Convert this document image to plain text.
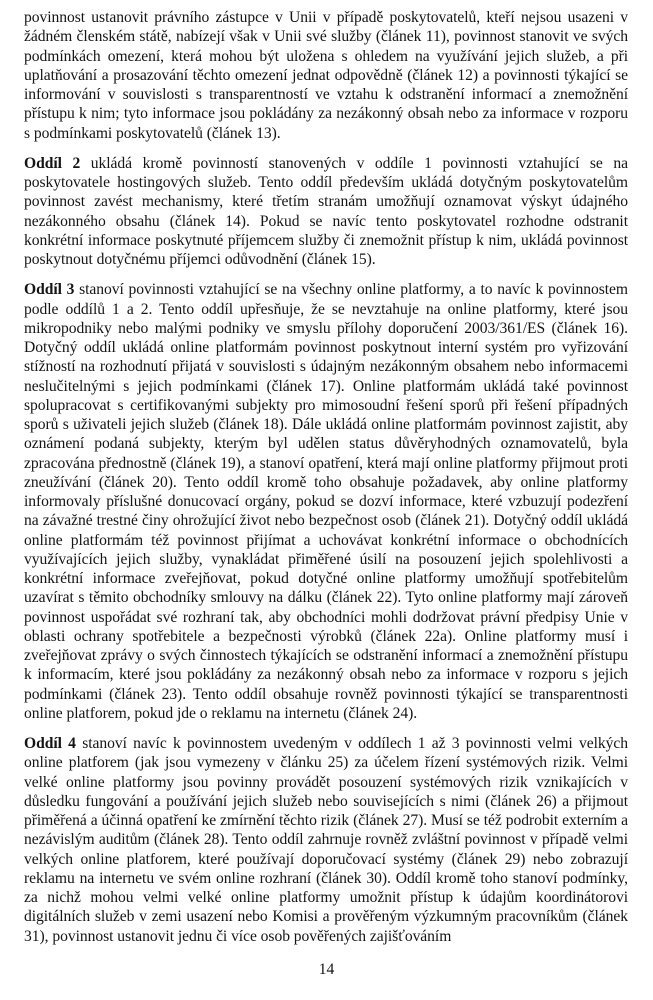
povinnost ustanovit právního zástupce v Unii v případě poskytovatelů, kteří nejsou usazeni v žádném členském státě, nabízejí však v Unii své služby (článek 11), povinnost stanovit ve svých podmínkách omezení, která mohou být uložena s ohledem na využívání jejich služeb, a při uplatňování a prosazování těchto omezení jednat odpovědně (článek 12) a povinnosti týkající se informování v souvislosti s transparentností ve vztahu k odstranění informací a znemožnění přístupu k nim; tyto informace jsou pokládány za nezákonný obsah nebo za informace v rozporu s podmínkami poskytovatelů (článek 13).

Oddíl 2 ukládá kromě povinností stanovených v oddíle 1 povinnosti vztahující se na poskytovatele hostingových služeb. Tento oddíl především ukládá dotyčným poskytovatelům povinnost zavést mechanismy, které třetím stranám umožňují oznamovat výskyt údajného nezákonného obsahu (článek 14). Pokud se navíc tento poskytovatel rozhodne odstranit konkrétní informace poskytnuté příjemcem služby či znemožnit přístup k nim, ukládá povinnost poskytnout dotyčnému příjemci odůvodnění (článek 15).

Oddíl 3 stanoví povinnosti vztahující se na všechny online platformy, a to navíc k povinnostem podle oddílů 1 a 2. Tento oddíl upřesňuje, že se nevztahuje na online platformy, které jsou mikropodniky nebo malými podniky ve smyslu přílohy doporučení 2003/361/ES (článek 16). Dotyčný oddíl ukládá online platformám povinnost poskytnout interní systém pro vyřizování stížností na rozhodnutí přijatá v souvislosti s údajným nezákonným obsahem nebo informacemi neslučitelnými s jejich podmínkami (článek 17). Online platformám ukládá také povinnost spolupracovat s certifikovanými subjekty pro mimosoudní řešení sporů při řešení případných sporů s uživateli jejich služeb (článek 18). Dále ukládá online platformám povinnost zajistit, aby oznámení podaná subjekty, kterým byl udělen status důvěryhodných oznamovatelů, byla zpracována přednostně (článek 19), a stanoví opatření, která mají online platformy přijmout proti zneužívání (článek 20). Tento oddíl kromě toho obsahuje požadavek, aby online platformy informovaly příslušné donucovací orgány, pokud se dozví informace, které vzbuzují podezření na závažné trestné činy ohrožující život nebo bezpečnost osob (článek 21). Dotyčný oddíl ukládá online platformám též povinnost přijímat a uchovávat konkrétní informace o obchodnících využívajících jejich služby, vynakládat přiměřené úsilí na posouzení jejich spolehlivosti a konkrétní informace zveřejňovat, pokud dotyčné online platformy umožňují spotřebitelům uzavírat s těmito obchodníky smlouvy na dálku (článek 22). Tyto online platformy mají zároveň povinnost uspořádat své rozhraní tak, aby obchodníci mohli dodržovat právní předpisy Unie v oblasti ochrany spotřebitele a bezpečnosti výrobků (článek 22a). Online platformy musí i zveřejňovat zprávy o svých činnostech týkajících se odstranění informací a znemožnění přístupu k informacím, které jsou pokládány za nezákonný obsah nebo za informace v rozporu s jejich podmínkami (článek 23). Tento oddíl obsahuje rovněž povinnosti týkající se transparentnosti online platforem, pokud jde o reklamu na internetu (článek 24).

Oddíl 4 stanoví navíc k povinnostem uvedeným v oddílech 1 až 3 povinnosti velmi velkých online platforem (jak jsou vymezeny v článku 25) za účelem řízení systémových rizik. Velmi velké online platformy jsou povinny provádět posouzení systémových rizik vznikajících v důsledku fungování a používání jejich služeb nebo souvisejících s nimi (článek 26) a přijmout přiměřená a účinná opatření ke zmírnění těchto rizik (článek 27). Musí se též podrobit externím a nezávislým auditům (článek 28). Tento oddíl zahrnuje rovněž zvláštní povinnost v případě velmi velkých online platforem, které používají doporučovací systémy (článek 29) nebo zobrazují reklamu na internetu ve svém online rozhraní (článek 30). Oddíl kromě toho stanoví podmínky, za nichž mohou velmi velké online platformy umožnit přístup k údajům koordinátorovi digitálních služeb v zemi usazení nebo Komisi a prověřeným výzkumným pracovníkům (článek 31), povinnost ustanovit jednu či více osob pověřených zajišťováním

14
